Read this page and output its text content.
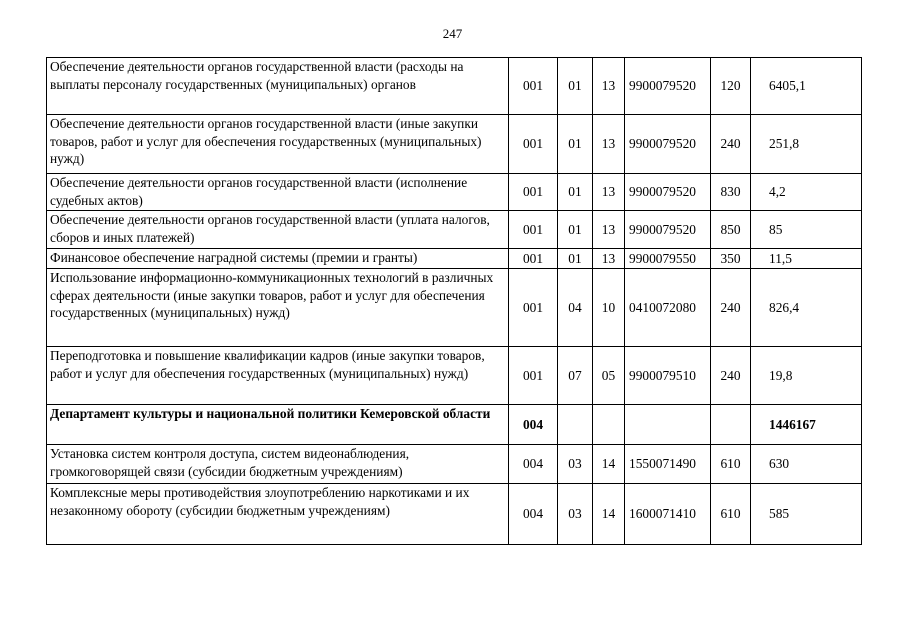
247
Обеспечение деятельности органов государственной власти (расходы на выплаты персоналу государственных (муниципальных) органов	001	01	13	9900079520	120	6405,1
Обеспечение деятельности органов государственной власти (иные закупки товаров, работ и услуг для обеспечения государственных (муниципальных) нужд)	001	01	13	9900079520	240	251,8
Обеспечение деятельности органов государственной власти (исполнение судебных актов)	001	01	13	9900079520	830	4,2
Обеспечение деятельности органов государственной власти (уплата налогов, сборов и иных платежей)	001	01	13	9900079520	850	85
Финансовое обеспечение наградной системы (премии и гранты)	001	01	13	9900079550	350	11,5
Использование информационно-коммуникационных технологий в различных сферах деятельности (иные закупки товаров, работ и услуг для обеспечения государственных (муниципальных) нужд)	001	04	10	0410072080	240	826,4
Переподготовка и повышение квалификации кадров (иные закупки товаров, работ и услуг для обеспечения государственных (муниципальных) нужд)	001	07	05	9900079510	240	19,8
Департамент культуры и национальной политики Кемеровской области	004					1446167
Установка систем контроля доступа, систем видеонаблюдения, громкоговорящей связи (субсидии бюджетным учреждениям)	004	03	14	1550071490	610	630
Комплексные меры противодействия злоупотреблению наркотиками и их незаконному обороту (субсидии бюджетным учреждениям)	004	03	14	1600071410	610	585
